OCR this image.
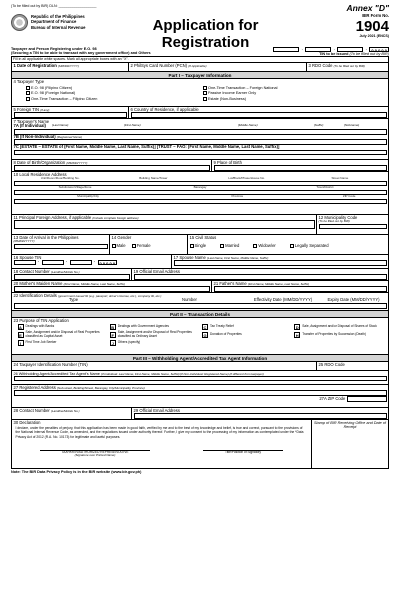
(To be filled out by BIR) DLN: ___________________	Annex "D"
Republic of the Philippines
Department of Finance
Bureau of Internal Revenue	Application for Registration
BIR Form No.
1904
July 2021 (ENCS)
Taxpayer and Person Registering under E.O. 98
(Securing a TIN to be able to transact with any government office) and Others
-	-	-	0 0 0 0 0
TIN to be issued (To be filled out by BIR)
Fill in all applicable white spaces. Mark all appropriate boxes with an "X".
1 Date of Registration (MM/DD/YYYY)	2 PhilSys Card Number (PCN) (If Applicable)	3 RDO Code (To be filled out by BIR)
Part I – Taxpayer Information
4 Taxpayer Type
E.O. 98 (Filipino Citizen)	One-Time Transaction – Foreign National
E.O. 98 (Foreign National)	Passive Income Earner Only
One-Time Transaction – Filipino Citizen	Estate (Non-Business)
5 Foreign TIN (if any)	6 Country of Residence, if applicable
7 Taxpayer's Name
7A (If Individual) (Last Name)	(First Name)	(Middle Name)	(Suffix)	(Nickname)
7B (If Non-Individual) (Registered Name)
7C [ESTATE – ESTATE of (First Name, Middle Name, Last Name, Suffix)] [TRUST – FAO: (First Name, Middle Name, Last Name, Suffix)]
8 Date of Birth/Organization (MM/DD/YYYY)	9 Place of Birth
10 Local Residence Address
Unit/Room/Floor/Building No.	Building Name/Tower	Lot/Block/Phase/House No.	Street Name
Subdivision/Village/Zone	Barangay	Town/District
Municipality/City	Province	ZIP Code
11 Principal Foreign Address, if applicable (Include complete foreign address)	12 Municipality Code
(To be filled out by BIR)
13 Date of Arrival in the Philippines
(MM/DD/YYYY)
14 Gender
Male	Female
15 Civil Status
Single	Married	Widow/er	Legally Separated
16 Spouse TIN
-	-	-	0 0 0 0 0
17 Spouse Name (Last Name, First Name, Middle Name, Suffix)
18 Contact Number (Landline/Mobile No.)	19 Official Email Address
20 Mother's Maiden Name (First Name, Middle Name, Last Name, Suffix)	21 Father's Name (First Name, Middle Name, Last Name, Suffix)
22 Identification Details (government issued ID (e.g. passport, driver's license, etc.), company ID, etc.)
Type	Number	Effectivity Date (MM/DD/YYYY)	Expiry Date (MM/DD/YYYY)
Part II – Transaction Details
23 Purpose of TIN Application
A	Dealings with Banks	B	Dealings with Government Agencies	C	Tax Treaty Relief	D	Sale, Assignment and/or Disposal of Shares of Stock
E
Sale, Assignment and/or Disposal of Real Properties classified as Capital Asset	F
Sale, Assignment and/or Disposal of Real Properties classified as Ordinary Asset	G	Donation of Properties	H	Transfer of Properties by Succession (Death)
I	First Time Job Seeker	J	Others (specify)
Part III – Withholding Agent/Accredited Tax Agent Information
24 Taxpayer Identification Number (TIN)	25 RDO Code
26 Withholding Agent/Accredited Tax Agent's Name (If Individual: Last Name, First Name, Middle Name, Suffix)/(If Non-Individual: Registered Name) (if different from taxpayer)
27 Registered Address (Sub-street, Building/Street, Barangay, City/Municipality, Province)
27A ZIP Code
28 Contact Number (Landline/Mobile No.)	29 Official Email Address
30 Declaration
I declare, under the penalties of perjury, that this application has been made in good faith, verified by me and to the best of my knowledge and belief, is true and correct, pursuant to the provisions of the National Internal Revenue Code, as amended, and the regulations issued under authority thereof. Further, I give my consent to the processing of my information as contemplated under the *Data Privacy Act of 2012 (R.A. No. 10173) for legitimate and lawful purposes.
TAXPAYER/AUTHORIZED REPRESENTATIVE
(Signature over Printed Name)
Title/Position of Signatory
Stamp of BIR Receiving Office and Date of Receipt
Note: The BIR Data Privacy Policy is in the BIR website (www.bir.gov.ph)
